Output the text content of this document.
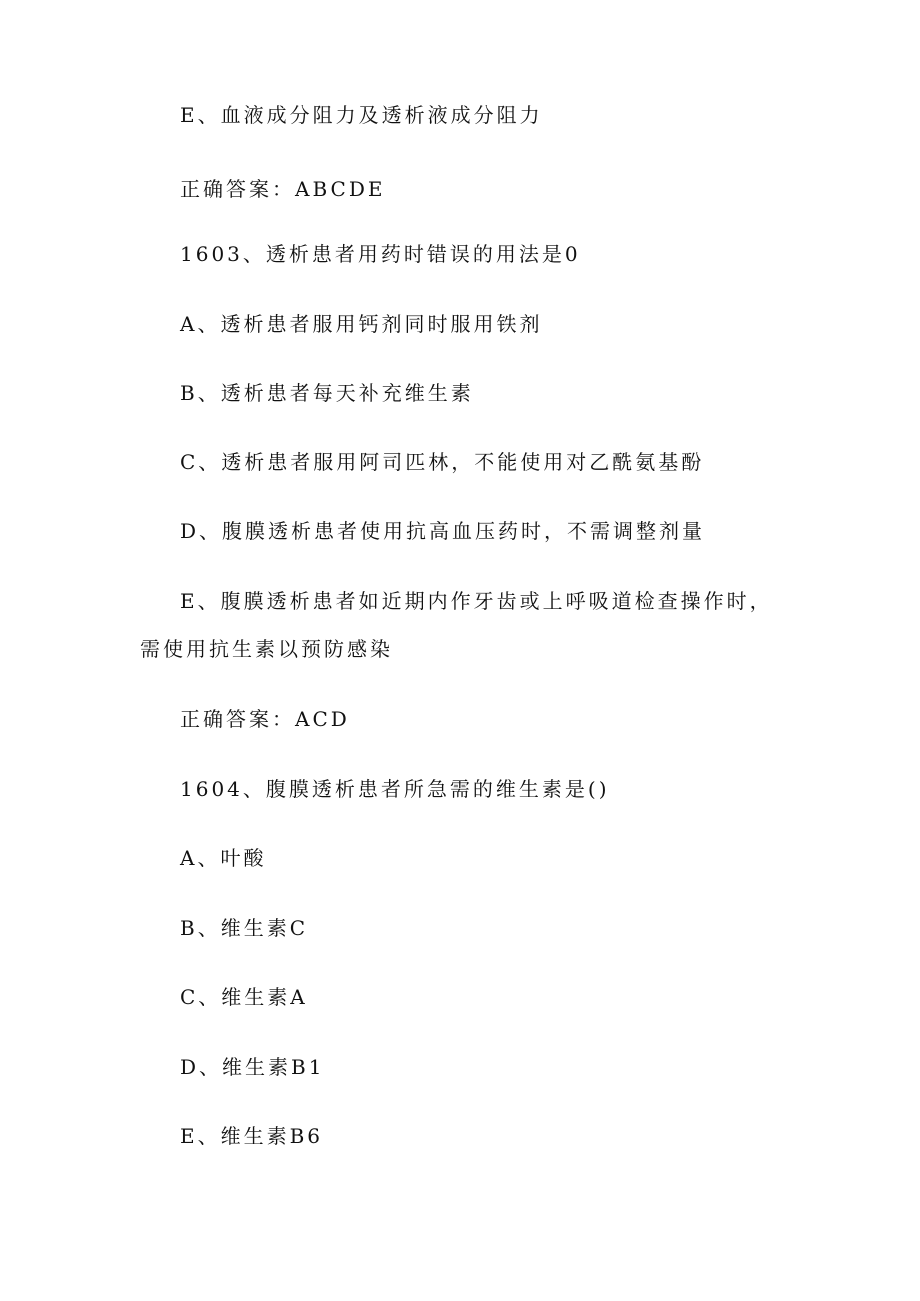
E、血液成分阻力及透析液成分阻力

正确答案：ABCDE

1603、透析患者用药时错误的用法是0

A、透析患者服用钙剂同时服用铁剂

B、透析患者每天补充维生素

C、透析患者服用阿司匹林，不能使用对乙酰氨基酚

D、腹膜透析患者使用抗高血压药时，不需调整剂量

E、腹膜透析患者如近期内作牙齿或上呼吸道检查操作时，需使用抗生素以预防感染

正确答案：ACD

1604、腹膜透析患者所急需的维生素是()

A、叶酸

B、维生素C

C、维生素A

D、维生素B1

E、维生素B6
